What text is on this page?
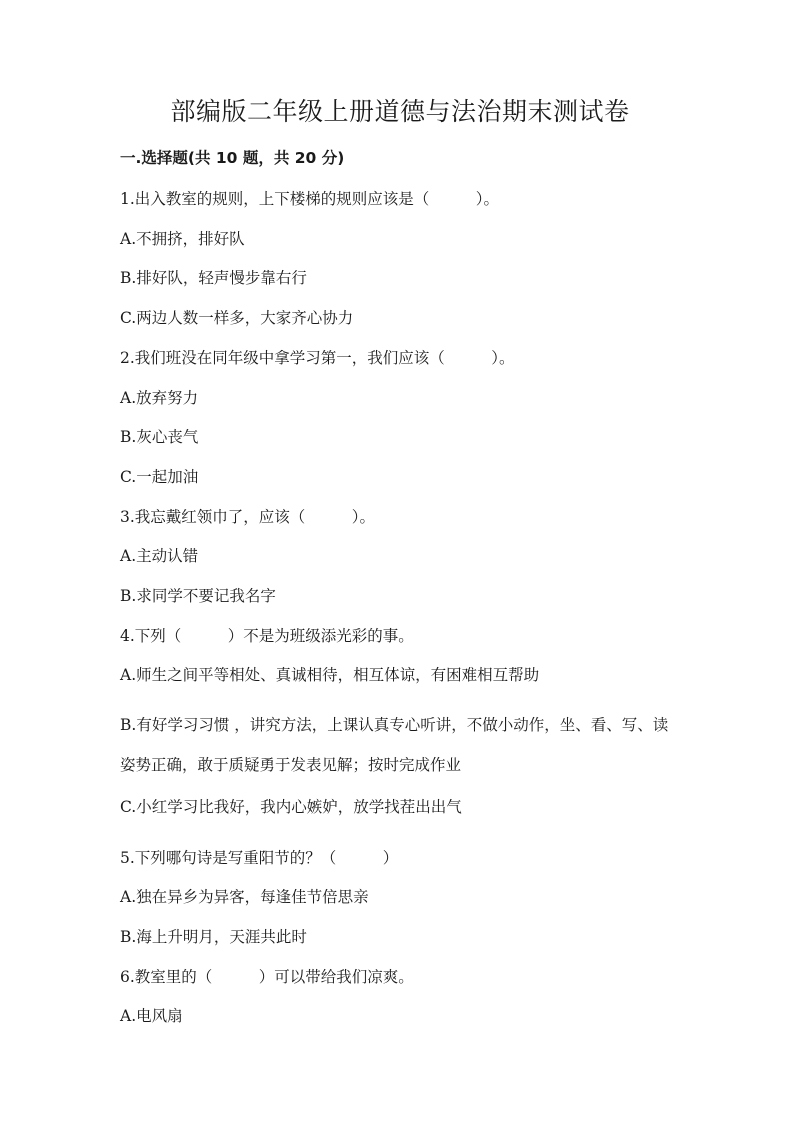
部编版二年级上册道德与法治期末测试卷
一.选择题(共 10 题，共 20 分)
1.出入教室的规则，上下楼梯的规则应该是（　　　）。
A.不拥挤，排好队
B.排好队，轻声慢步靠右行
C.两边人数一样多，大家齐心协力
2.我们班没在同年级中拿学习第一，我们应该（　　　）。
A.放弃努力
B.灰心丧气
C.一起加油
3.我忘戴红领巾了，应该（　　　）。
A.主动认错
B.求同学不要记我名字
4.下列（　　　）不是为班级添光彩的事。
A.师生之间平等相处、真诚相待，相互体谅，有困难相互帮助
B.有好学习习惯 ，讲究方法，上课认真专心听讲，不做小动作，坐、看、写、读姿势正确，敢于质疑勇于发表见解；按时完成作业
C.小红学习比我好，我内心嫉妒，放学找茬出出气
5.下列哪句诗是写重阳节的？（　　　）
A.独在异乡为异客，每逢佳节倍思亲
B.海上升明月，天涯共此时
6.教室里的（　　　）可以带给我们凉爽。
A.电风扇
